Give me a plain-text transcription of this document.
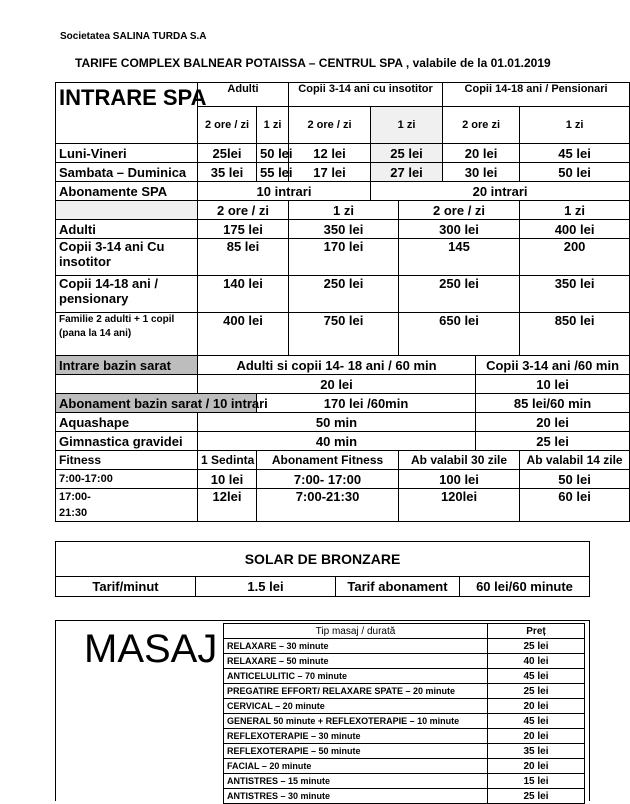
Societatea SALINA TURDA S.A
TARIFE COMPLEX BALNEAR POTAISSA – CENTRUL SPA , valabile de la 01.01.2019
INTRARE SPA	Adulti		Copii 3-14 ani cu insotitor			Copii 14-18 ani / Pensionari		
	2 ore / zi	1 zi	2 ore / zi	1 zi		2 ore zi		1 zi
Luni-Vineri	25lei	50 lei	12 lei	25 lei		20 lei		45 lei
Sambata – Duminica	35 lei	55 lei	17 lei	27 lei		30 lei		50 lei
Abonamente SPA	10 intrari			20 intrari				
	2 ore / zi		1 zi		2 ore / zi			1 zi
Adulti	175 lei		350 lei		300 lei			400 lei
Copii 3-14 ani Cu insotitor	85 lei		170 lei		145			200
Copii 14-18 ani / pensionary	140 lei		250 lei		250 lei			350 lei
Familie 2 adulti + 1 copil (pana la 14 ani)	400 lei		750 lei		650 lei			850 lei
Intrare bazin sarat	Adulti si copii 14- 18 ani / 60 min						Copii 3-14 ani /60 min	
	20 lei						10 lei	
Abonament bazin sarat / 10 intrari		170 lei /60min					85 lei/60 min	
Aquashape	50 min						20 lei	
Gimnastica gravidei	40 min						25 lei	
Fitness	1 Sedinta	Abonament Fitness			Ab valabil 30 zile			Ab valabil 14 zile
7:00-17:00	10 lei	7:00- 17:00			100 lei			50 lei
17:00- 21:30	12lei	7:00-21:30			120lei			60 lei
SOLAR DE BRONZARE
Tarif/minut	1.5 lei	Tarif abonament	60 lei/60 minute
MASAJ	Tip masaj / durată	Preț
RELAXARE – 30 minute	25 lei
RELAXARE – 50 minute	40 lei
ANTICELULITIC – 70 minute	45 lei
PREGATIRE EFFORT/ RELAXARE SPATE – 20 minute	25 lei
CERVICAL – 20 minute	20 lei
GENERAL 50 minute + REFLEXOTERAPIE – 10 minute	45 lei
REFLEXOTERAPIE – 30 minute	20 lei
REFLEXOTERAPIE – 50 minute	35 lei
FACIAL – 20 minute	20 lei
ANTISTRES – 15 minute	15 lei
ANTISTRES – 30 minute	25 lei
